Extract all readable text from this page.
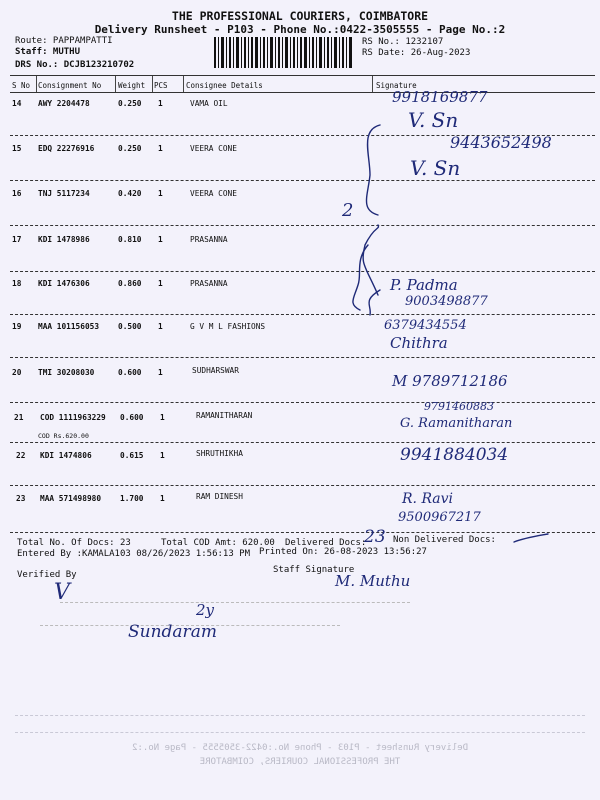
THE PROFESSIONAL COURIERS, COIMBATORE
Delivery Runsheet - P103 - Phone No.:0422-3505555 - Page No.:2
Route: PAPPAMPATTI
Staff: MUTHU
DRS No.: DCJB123210702
RS No.: 1232107
RS Date: 26-Aug-2023
S No Consignment No Weight PCS Consignee Details	Signature
14 AWY 2204478	0.250 1	VAMA OIL
15 EDQ 22276916	0.250 1	VEERA CONE
16 TNJ 5117234	0.420 1	VEERA CONE
17 KDI 1478986	0.810 1	PRASANNA
18 KDI 1476306	0.860 1	PRASANNA
19 MAA 101156053 0.500 1	G V M L FASHIONS
20 TMI 30208030	0.600 1	SUDHARSWAR
21 COD 1111963229 0.600 1	RAMANITHARAN
COD Rs.620.00
22 KDI 1474806	0.615 1	SHRUTHIKHA
23 MAA 571498980 1.700 1	RAM DINESH
9918169877
V. Sn
9443652498
V. Sn
2
P. Padma
9003498877
6379434554
Chithra
M 9789712186
9791460883
G. Ramanitharan
9941884034
R. Ravi
9500967217
Total No. Of Docs: 23	Total COD Amt: 620.00 Delivered Docs:
23 Non Delivered Docs:
Entered By :KAMALA103 08/26/2023 1:56:13 PM Printed On: 26-08-2023 13:56:27
Verified By
V
Staff Signature
M. Muthu
2y
Sundaram
Delivery Runsheet - P103 - Phone No.:0422-3505555 - Page No.:2
THE PROFESSIONAL COURIERS, COIMBATORE
